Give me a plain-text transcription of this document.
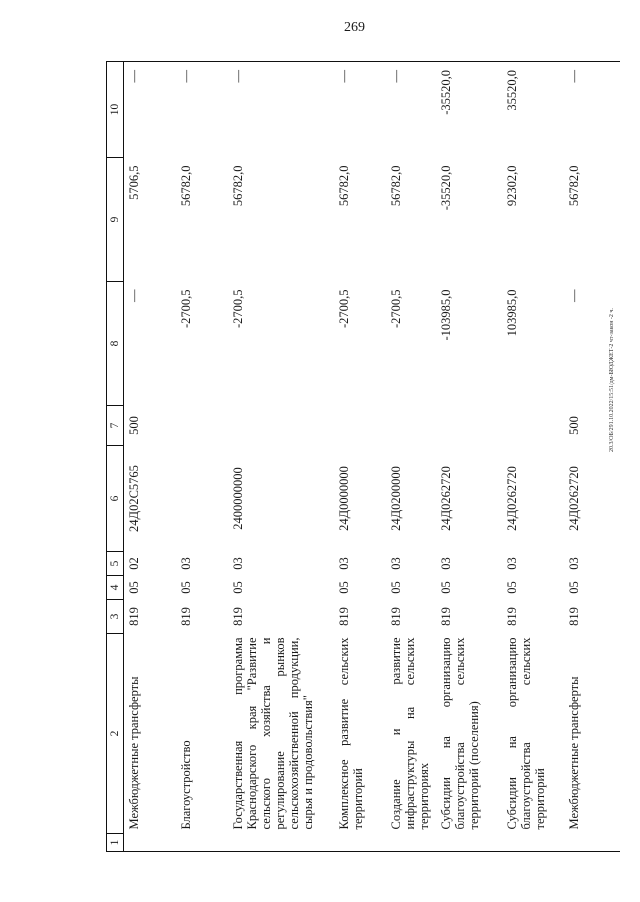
269
20.3/ОБ/291.10.2022/15:51/дм-БЮДЖЕТ-2 чт-закон -2 ч.
1	2	3	4	5	6	7	8	9	10
	Межбюджетные трансферты	819	05	02	24Д02С5765	500	—	5706,5	—
	Благоустройство	819	05	03			-2700,5	56782,0	—
	Государственная программа Краснодарского края "Развитие сельского хозяйства и регулирование рынков сельскохозяйственной продукции, сырья и продовольствия"	819	05	03	2400000000		-2700,5	56782,0	—
	Комплексное развитие сельских территорий	819	05	03	24Д0000000		-2700,5	56782,0	—
	Создание и развитие инфраструктуры на сельских территориях	819	05	03	24Д0200000		-2700,5	56782,0	—
	Субсидии на организацию благоустройства сельских территорий (поселения)	819	05	03	24Д0262720		-103985,0	-35520,0	-35520,0
	Субсидии на организацию благоустройства сельских территорий	819	05	03	24Д0262720		103985,0	92302,0	35520,0
	Межбюджетные трансферты	819	05	03	24Д0262720	500	—	56782,0	—
